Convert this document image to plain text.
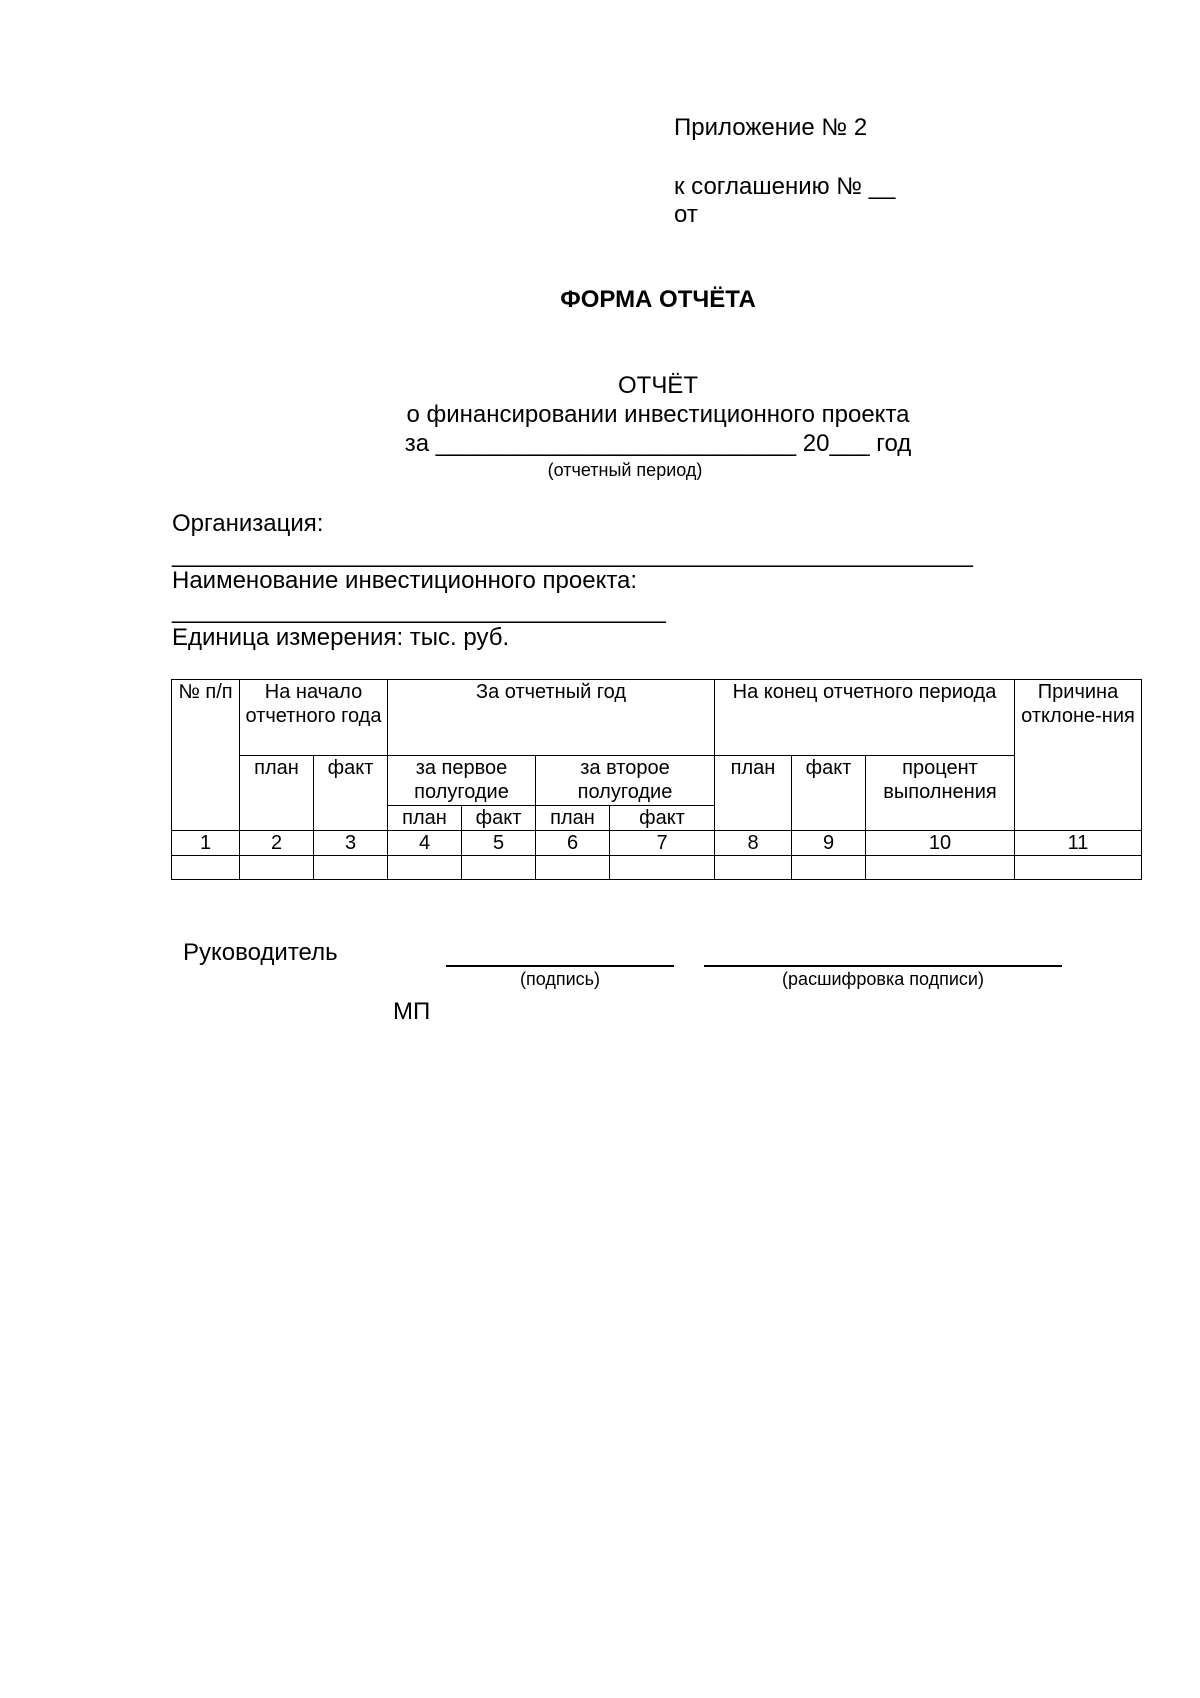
Приложение № 2
к соглашению № __
от
ФОРМА ОТЧЁТА
ОТЧЁТ
о финансировании инвестиционного проекта
за ___________________________ 20___ год
(отчетный период)
Организация:
____________________________________________________________
Наименование инвестиционного проекта:
_____________________________________
Единица измерения: тыс. руб.
№ п/п	На начало отчетного года		За отчетный год				На конец отчетного периода			Причина отклоне-ния
	план	факт	за первое полугодие		за второе полугодие		план	факт	процент выполнения	
			план	факт	план	факт				
1	2	3	4	5	6	7	8	9	10	11

Руководитель
(подпись)	(расшифровка подписи)
МП
